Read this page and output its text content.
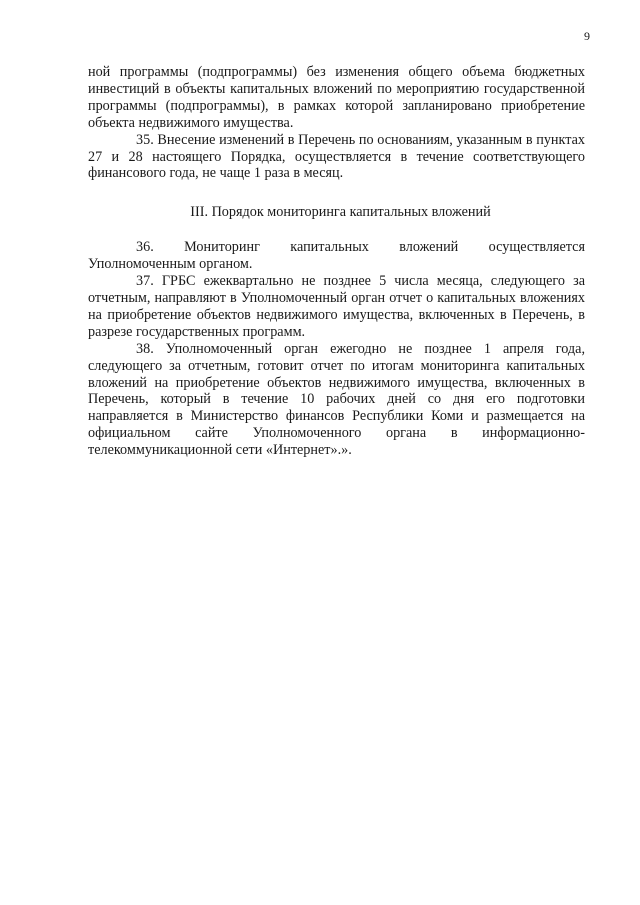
9

ной программы (подпрограммы) без изменения общего объема бюджетных инвестиций в объекты капитальных вложений по мероприятию государственной программы (подпрограммы), в рамках которой запланировано приобретение объекта недвижимого имущества.

35. Внесение изменений в Перечень по основаниям, указанным в пунктах 27 и 28 настоящего Порядка, осуществляется в течение соответствующего финансового года, не чаще 1 раза в месяц.

III. Порядок мониторинга капитальных вложений

36. Мониторинг капитальных вложений осуществляется Уполномоченным органом.

37. ГРБС ежеквартально не позднее 5 числа месяца, следующего за отчетным, направляют в Уполномоченный орган отчет о капитальных вложениях на приобретение объектов недвижимого имущества, включенных в Перечень, в разрезе государственных программ.

38. Уполномоченный орган ежегодно не позднее 1 апреля года, следующего за отчетным, готовит отчет по итогам мониторинга капитальных вложений на приобретение объектов недвижимого имущества, включенных в Перечень, который в течение 10 рабочих дней со дня его подготовки направляется в Министерство финансов Республики Коми и размещается на официальном сайте Уполномоченного органа в информационно-телекоммуникационной сети «Интернет».».
